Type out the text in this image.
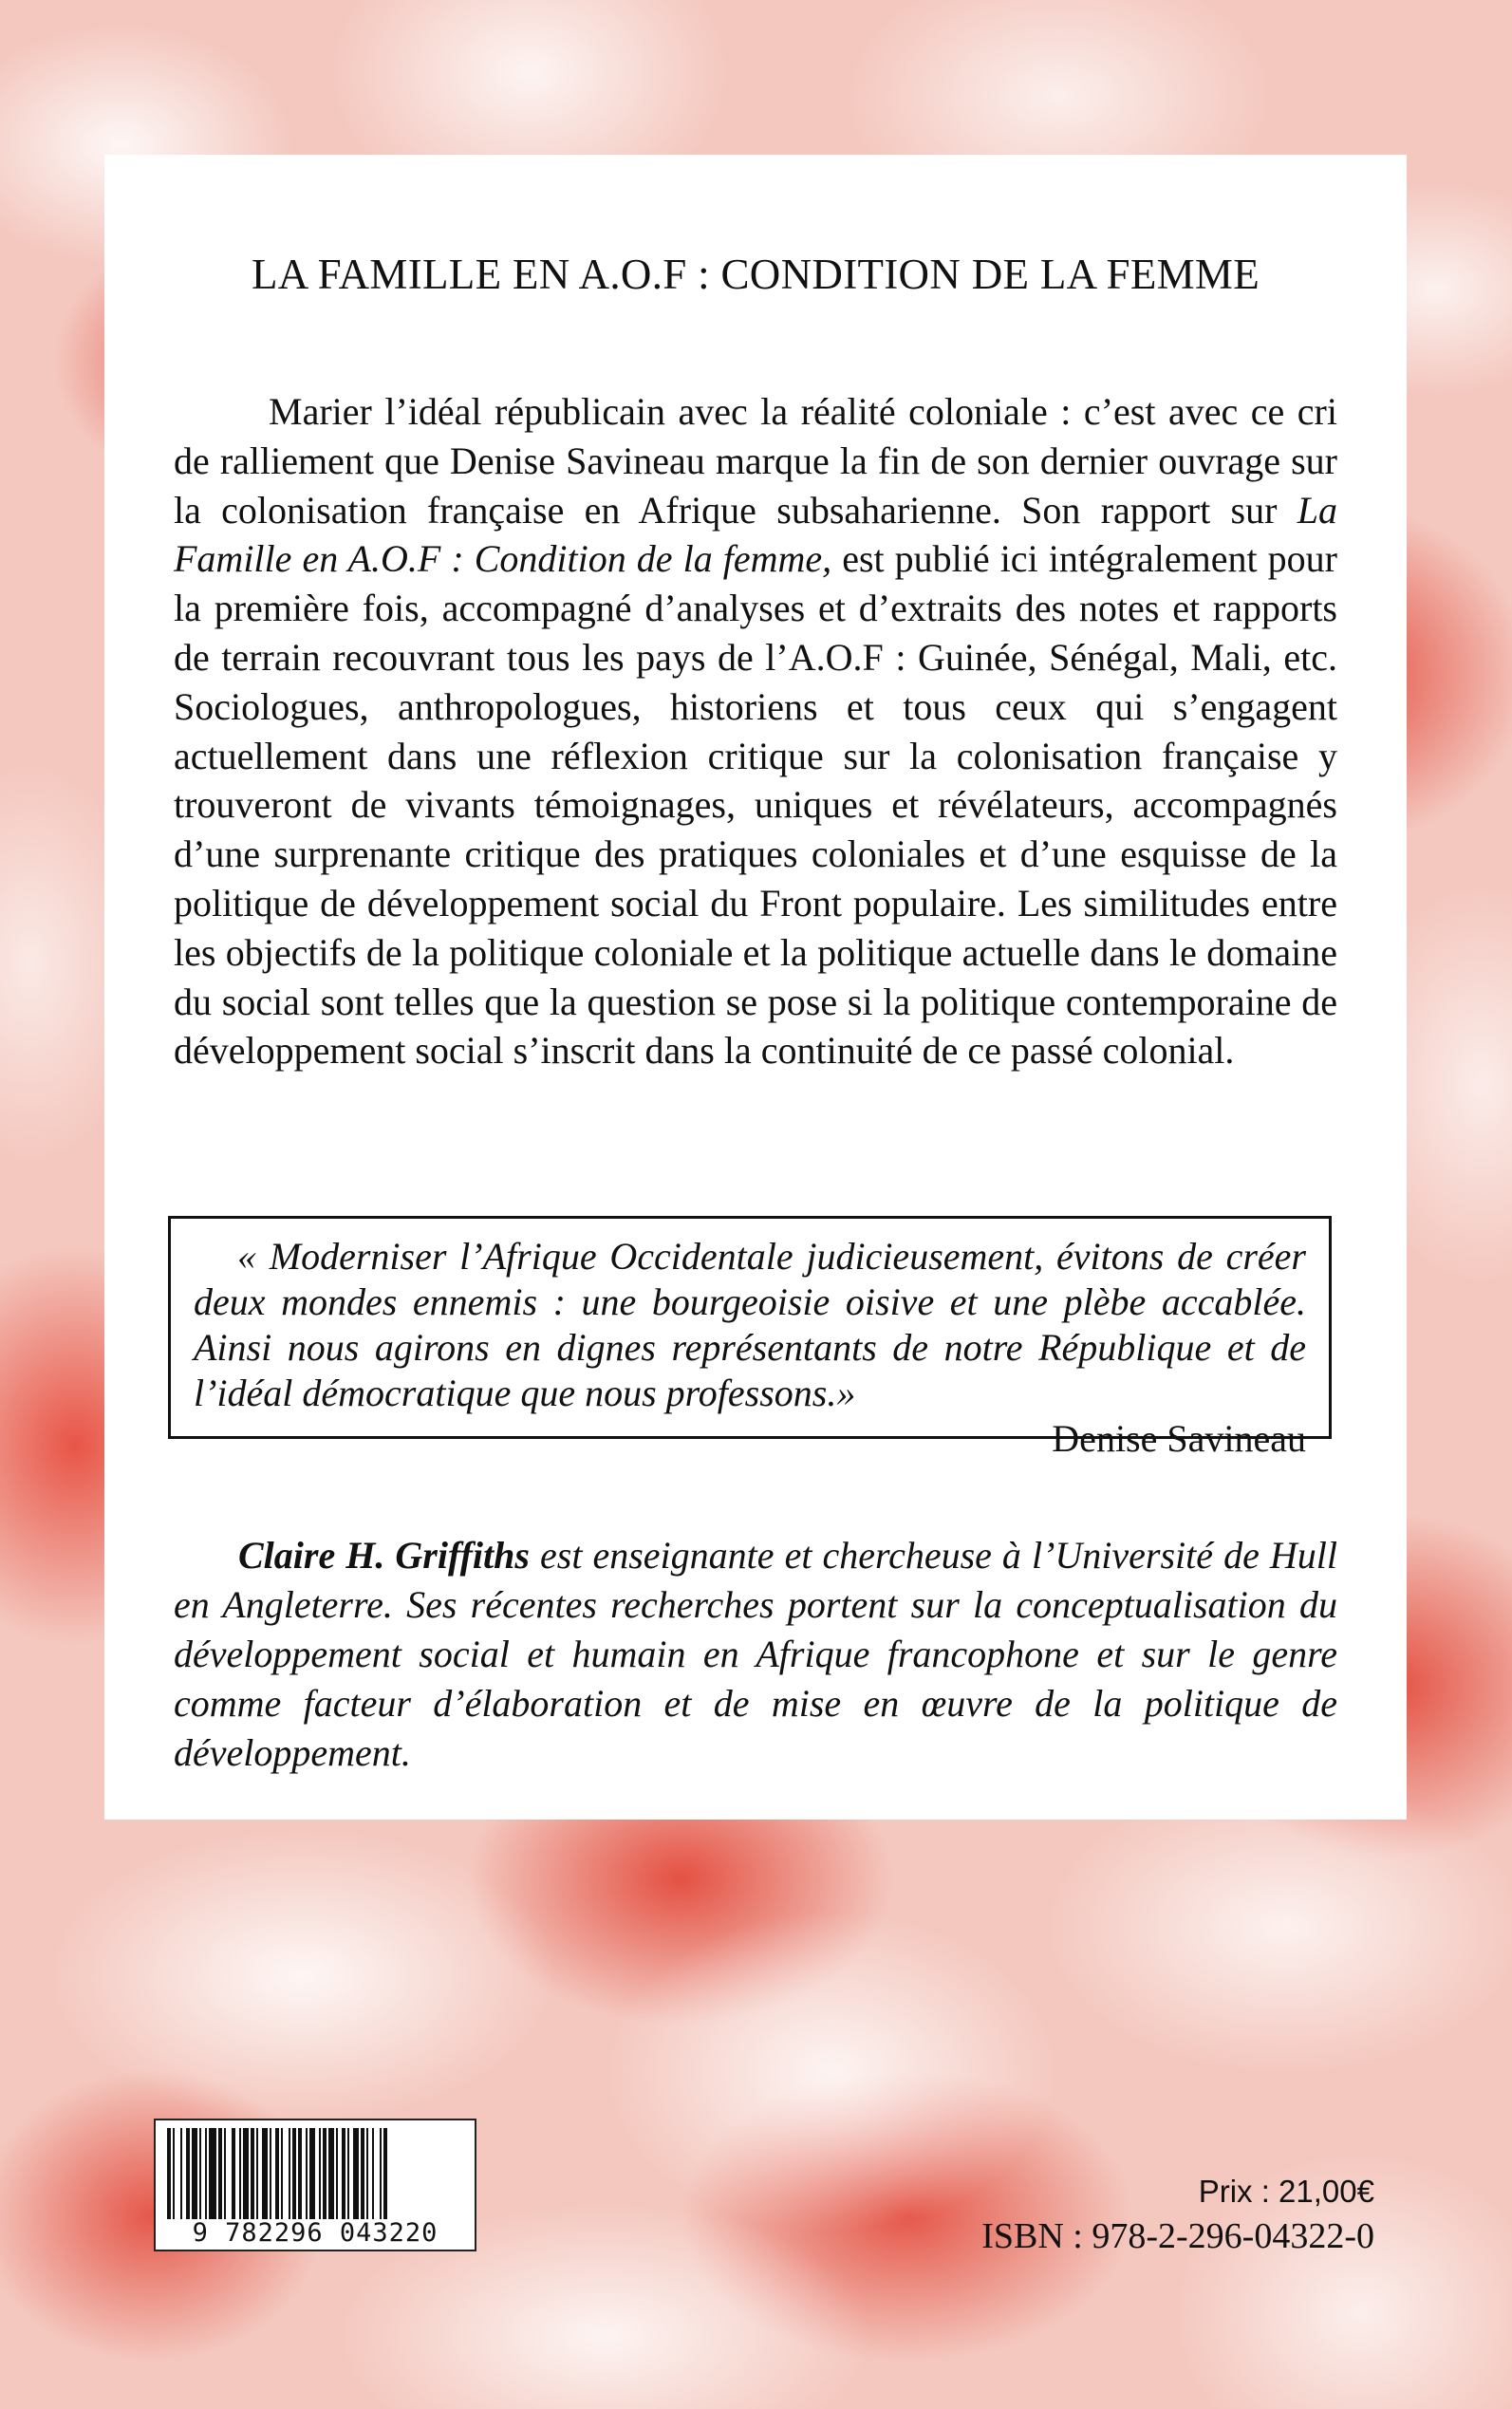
LA FAMILLE EN A.O.F : CONDITION DE LA FEMME

Marier l’idéal républicain avec la réalité coloniale : c’est avec ce cri de ralliement que Denise Savineau marque la fin de son dernier ouvrage sur la colonisation française en Afrique subsaharienne. Son rapport sur La Famille en A.O.F : Condition de la femme, est publié ici intégralement pour la première fois, accompagné d’analyses et d’extraits des notes et rapports de terrain recouvrant tous les pays de l’A.O.F : Guinée, Sénégal, Mali, etc. Sociologues, anthropologues, historiens et tous ceux qui s’engagent actuellement dans une réflexion critique sur la colonisation française y trouveront de vivants témoignages, uniques et révélateurs, accompagnés d’une surprenante critique des pratiques coloniales et d’une esquisse de la politique de développement social du Front populaire. Les similitudes entre les objectifs de la politique coloniale et la politique actuelle dans le domaine du social sont telles que la question se pose si la politique contemporaine de développement social s’inscrit dans la continuité de ce passé colonial.

« Moderniser l’Afrique Occidentale judicieusement, évitons de créer deux mondes ennemis : une bourgeoisie oisive et une plèbe accablée. Ainsi nous agirons en dignes représentants de notre République et de l’idéal démocratique que nous professons.»

Denise Savineau

Claire H. Griffiths est enseignante et chercheuse à l’Université de Hull en Angleterre. Ses récentes recherches portent sur la conceptualisation du développement social et humain en Afrique francophone et sur le genre comme facteur d’élaboration et de mise en œuvre de la politique de développement.

9 782296 043220
Prix : 21,00€
ISBN : 978-2-296-04322-0
